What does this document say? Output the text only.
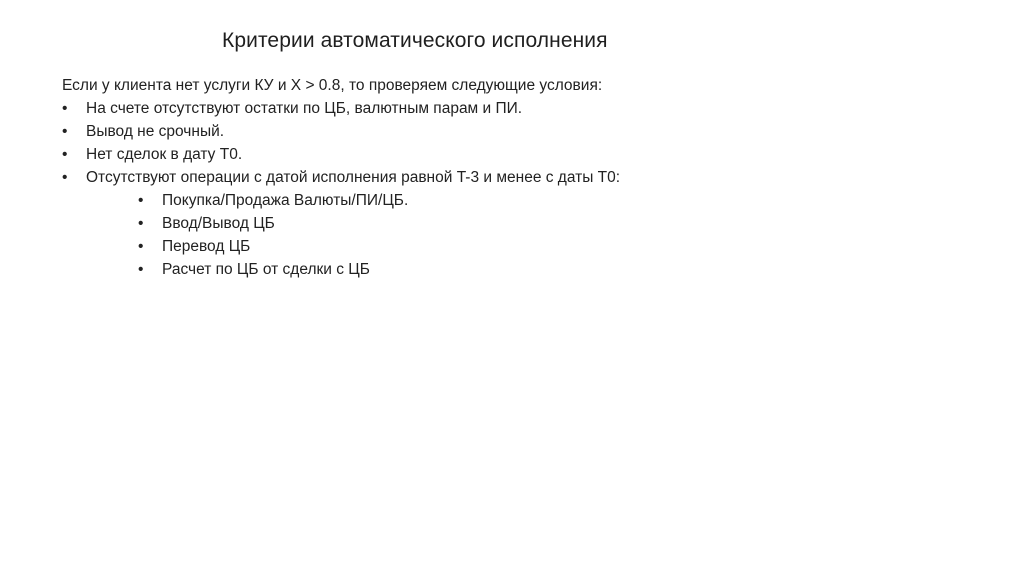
Критерии автоматического исполнения
Если у клиента нет услуги КУ и X > 0.8, то проверяем следующие условия:
• На счете отсутствуют остатки по ЦБ, валютным парам и ПИ.
• Вывод не срочный.
• Нет сделок в дату T0.
• Отсутствуют операции с датой исполнения равной T-3 и менее с даты T0:
• Покупка/Продажа Валюты/ПИ/ЦБ.
• Ввод/Вывод ЦБ
• Перевод ЦБ
• Расчет по ЦБ от сделки с ЦБ
